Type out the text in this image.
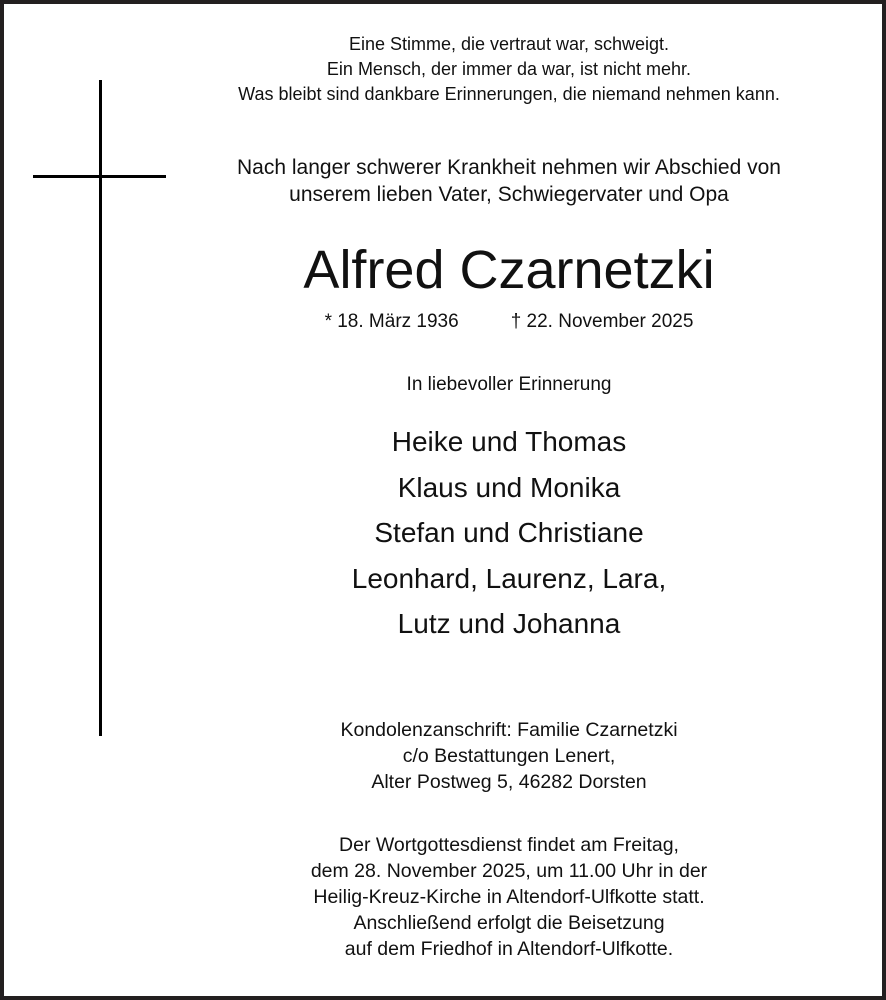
Eine Stimme, die vertraut war, schweigt.
Ein Mensch, der immer da war, ist nicht mehr.
Was bleibt sind dankbare Erinnerungen, die niemand nehmen kann.
Nach langer schwerer Krankheit nehmen wir Abschied von
unserem lieben Vater, Schwiegervater und Opa
Alfred Czarnetzki
* 18. März 1936	† 22. November 2025
In liebevoller Erinnerung
Heike und Thomas
Klaus und Monika
Stefan und Christiane
Leonhard, Laurenz, Lara,
Lutz und Johanna
Kondolenzanschrift: Familie Czarnetzki
c/o Bestattungen Lenert,
Alter Postweg 5, 46282 Dorsten
Der Wortgottesdienst findet am Freitag,
dem 28. November 2025, um 11.00 Uhr in der
Heilig-Kreuz-Kirche in Altendorf-Ulfkotte statt.
Anschließend erfolgt die Beisetzung
auf dem Friedhof in Altendorf-Ulfkotte.
